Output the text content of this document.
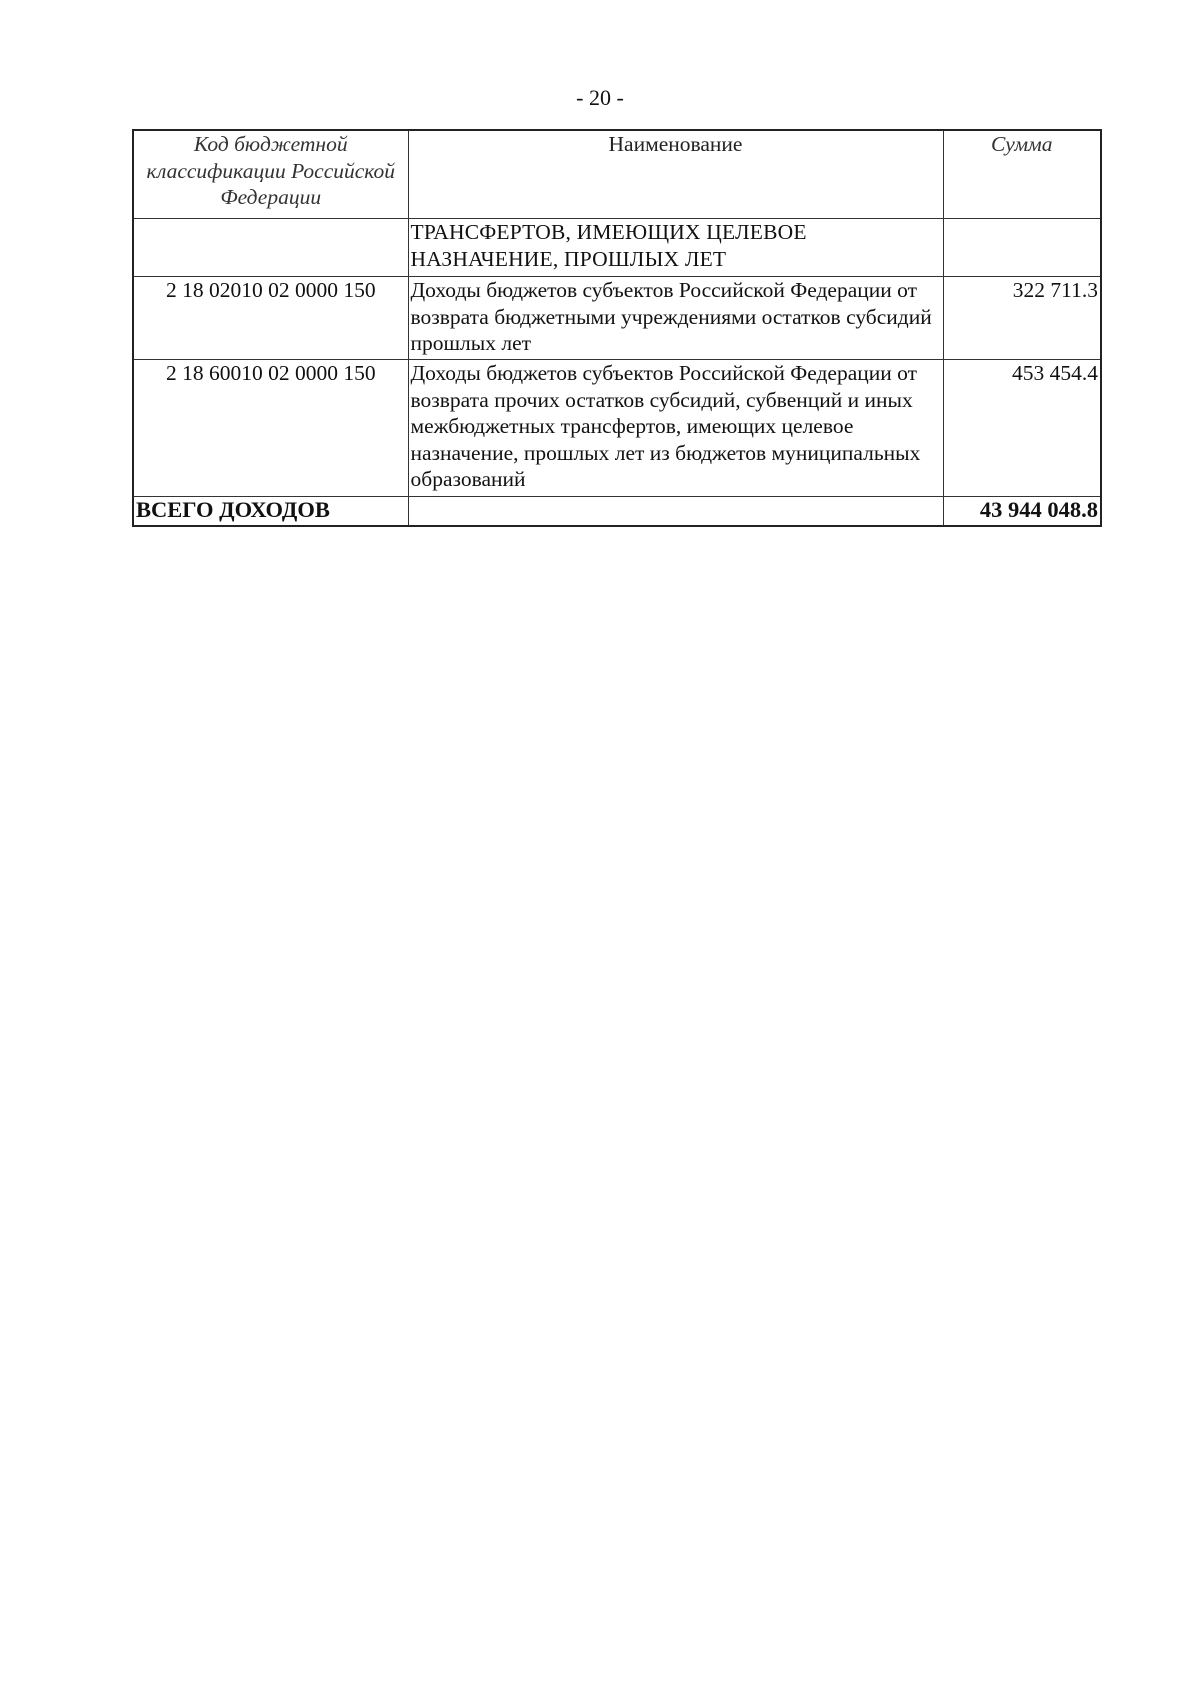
- 20 -
Код бюджетной классификации Российской Федерации	Наименование	Сумма
	ТРАНСФЕРТОВ, ИМЕЮЩИХ ЦЕЛЕВОЕ НАЗНАЧЕНИЕ, ПРОШЛЫХ ЛЕТ	
2 18 02010 02 0000 150	Доходы бюджетов субъектов Российской Федерации от возврата бюджетными учреждениями остатков субсидий прошлых лет	322 711.3
2 18 60010 02 0000 150	Доходы бюджетов субъектов Российской Федерации от возврата прочих остатков субсидий, субвенций и иных межбюджетных трансфертов, имеющих целевое назначение, прошлых лет из бюджетов муниципальных образований	453 454.4
ВСЕГО ДОХОДОВ		43 944 048.8
